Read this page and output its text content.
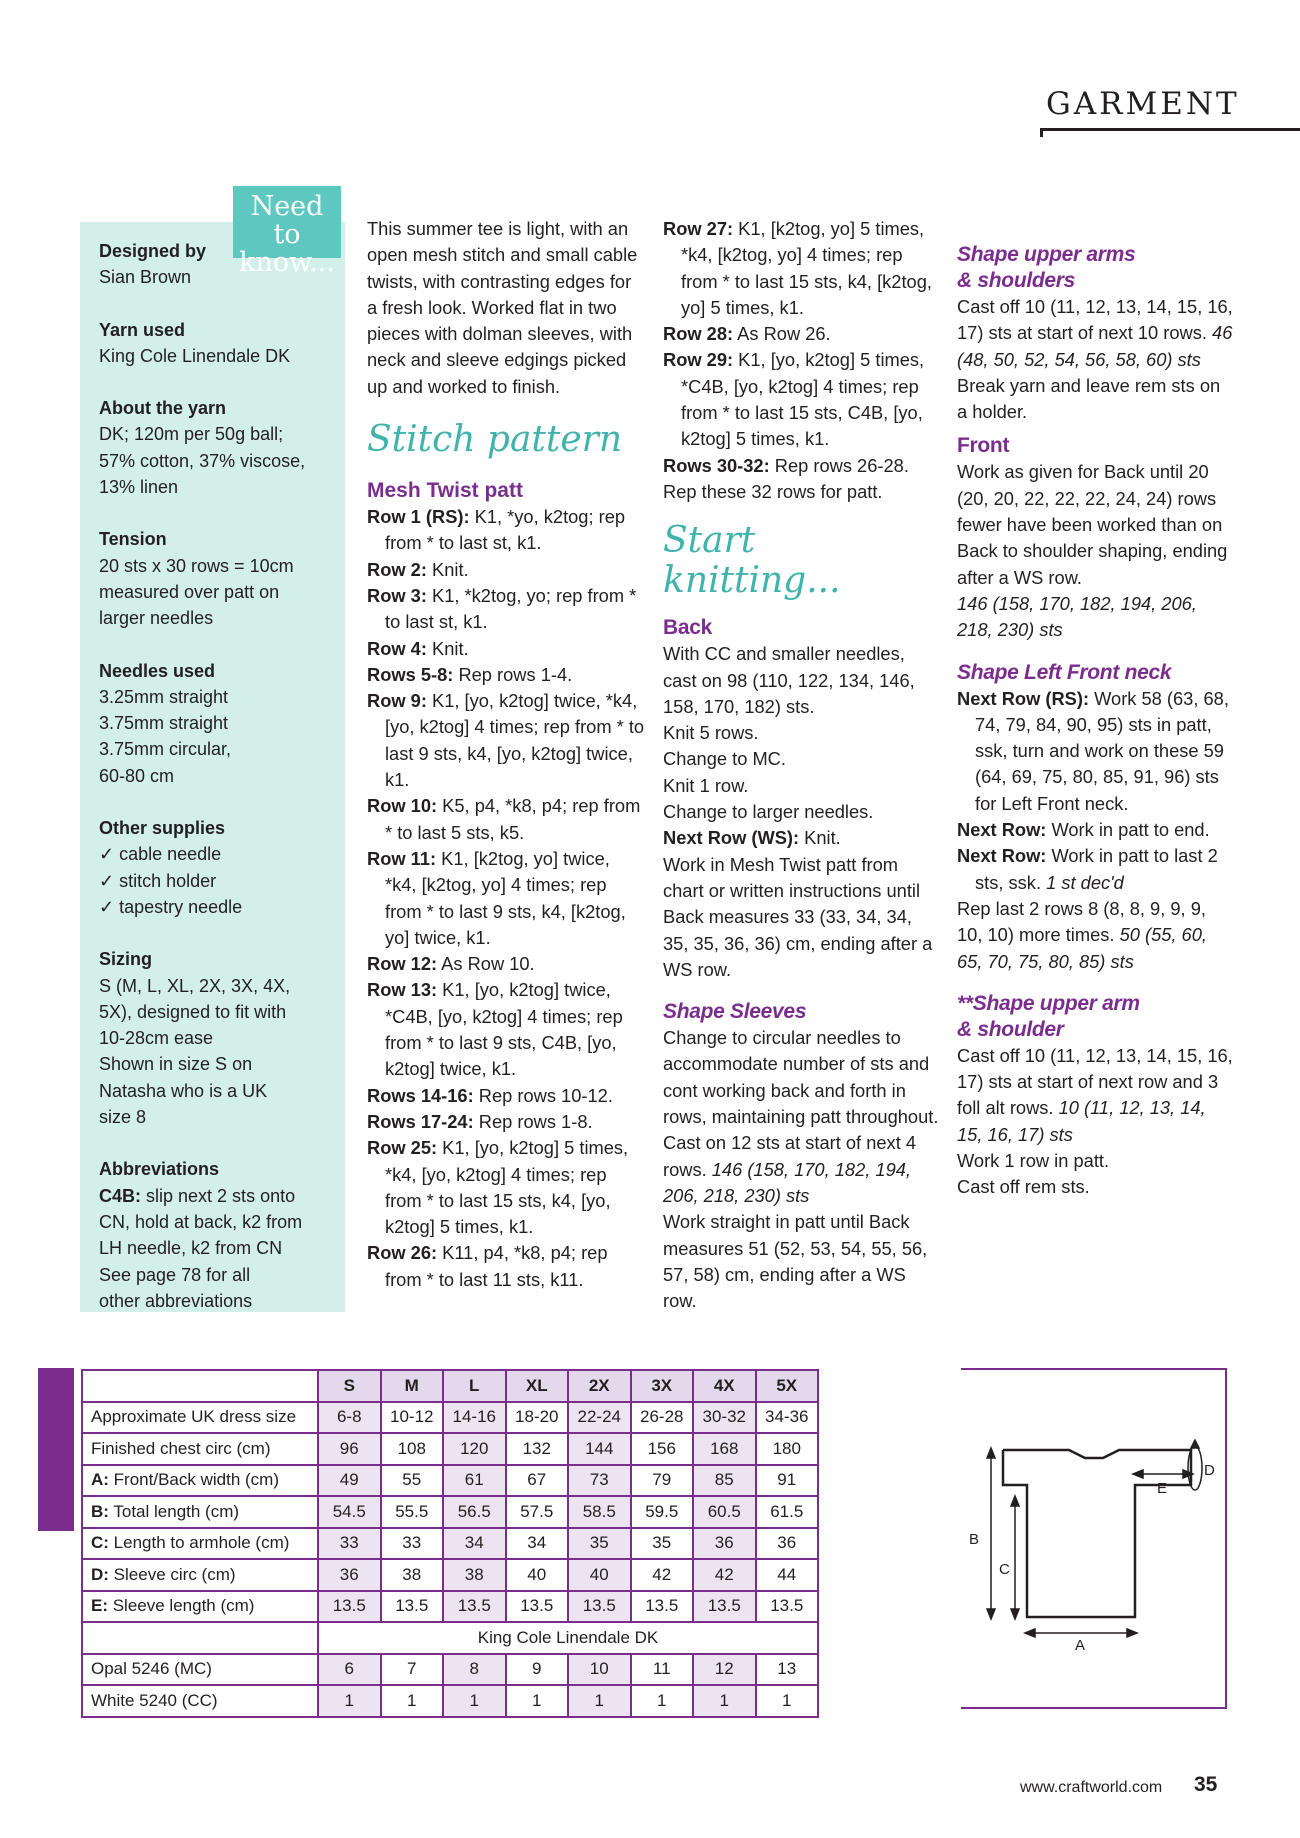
GARMENT
Need to
know...
Designed by
Sian Brown
Yarn used
King Cole Linendale DK
About the yarn
DK; 120m per 50g ball;
57% cotton, 37% viscose,
13% linen
Tension
20 sts x 30 rows = 10cm
measured over patt on
larger needles
Needles used
3.25mm straight
3.75mm straight
3.75mm circular,
60-80 cm
Other supplies
✓ cable needle
✓ stitch holder
✓ tapestry needle
Sizing
S (M, L, XL, 2X, 3X, 4X,
5X), designed to fit with
10-28cm ease
Shown in size S on
Natasha who is a UK
size 8
Abbreviations
C4B: slip next 2 sts onto
CN, hold at back, k2 from
LH needle, k2 from CN
See page 78 for all
other abbreviations
This summer tee is light, with an open mesh stitch and small cable twists, with contrasting edges for a fresh look. Worked flat in two pieces with dolman sleeves, with neck and sleeve edgings picked up and worked to finish.
Stitch pattern
Mesh Twist patt
Row 1 (RS): K1, *yo, k2tog; rep from * to last st, k1.
Row 2: Knit.
Row 3: K1, *k2tog, yo; rep from * to last st, k1.
Row 4: Knit.
Rows 5-8: Rep rows 1-4.
Row 9: K1, [yo, k2tog] twice, *k4, [yo, k2tog] 4 times; rep from * to last 9 sts, k4, [yo, k2tog] twice, k1.
Row 10: K5, p4, *k8, p4; rep from * to last 5 sts, k5.
Row 11: K1, [k2tog, yo] twice, *k4, [k2tog, yo] 4 times; rep from * to last 9 sts, k4, [k2tog, yo] twice, k1.
Row 12: As Row 10.
Row 13: K1, [yo, k2tog] twice, *C4B, [yo, k2tog] 4 times; rep from * to last 9 sts, C4B, [yo, k2tog] twice, k1.
Rows 14-16: Rep rows 10-12.
Rows 17-24: Rep rows 1-8.
Row 25: K1, [yo, k2tog] 5 times, *k4, [yo, k2tog] 4 times; rep from * to last 15 sts, k4, [yo, k2tog] 5 times, k1.
Row 26: K11, p4, *k8, p4; rep from * to last 11 sts, k11.
Row 27: K1, [k2tog, yo] 5 times, *k4, [k2tog, yo] 4 times; rep from * to last 15 sts, k4, [k2tog, yo] 5 times, k1.
Row 28: As Row 26.
Row 29: K1, [yo, k2tog] 5 times, *C4B, [yo, k2tog] 4 times; rep from * to last 15 sts, C4B, [yo, k2tog] 5 times, k1.
Rows 30-32: Rep rows 26-28.
Rep these 32 rows for patt.
Start knitting...
Back
With CC and smaller needles, cast on 98 (110, 122, 134, 146, 158, 170, 182) sts.
Knit 5 rows.
Change to MC.
Knit 1 row.
Change to larger needles.
Next Row (WS): Knit.
Work in Mesh Twist patt from chart or written instructions until Back measures 33 (33, 34, 34, 35, 35, 36, 36) cm, ending after a WS row.
Shape Sleeves
Change to circular needles to accommodate number of sts and cont working back and forth in rows, maintaining patt throughout.
Cast on 12 sts at start of next 4 rows. 146 (158, 170, 182, 194, 206, 218, 230) sts
Work straight in patt until Back measures 51 (52, 53, 54, 55, 56, 57, 58) cm, ending after a WS row.
Shape upper arms
& shoulders
Cast off 10 (11, 12, 13, 14, 15, 16, 17) sts at start of next 10 rows. 46 (48, 50, 52, 54, 56, 58, 60) sts
Break yarn and leave rem sts on a holder.
Front
Work as given for Back until 20 (20, 20, 22, 22, 22, 24, 24) rows fewer have been worked than on Back to shoulder shaping, ending after a WS row.
146 (158, 170, 182, 194, 206, 218, 230) sts
Shape Left Front neck
Next Row (RS): Work 58 (63, 68, 74, 79, 84, 90, 95) sts in patt, ssk, turn and work on these 59 (64, 69, 75, 80, 85, 91, 96) sts for Left Front neck.
Next Row: Work in patt to end.
Next Row: Work in patt to last 2 sts, ssk. 1 st dec'd
Rep last 2 rows 8 (8, 8, 9, 9, 9, 10, 10) more times. 50 (55, 60, 65, 70, 75, 80, 85) sts
**Shape upper arm
& shoulder
Cast off 10 (11, 12, 13, 14, 15, 16, 17) sts at start of next row and 3 foll alt rows. 10 (11, 12, 13, 14, 15, 16, 17) sts
Work 1 row in patt.
Cast off rem sts.
Find your size
		S	M	L	XL	2X	3X	4X	5X
Approximate UK dress size	6-8	10-12	14-16	18-20	22-24	26-28	30-32	34-36
Finished chest circ (cm)	96	108	120	132	144	156	168	180
A: Front/Back width (cm)	49	55	61	67	73	79	85	91
B: Total length (cm)	54.5	55.5	56.5	57.5	58.5	59.5	60.5	61.5
C: Length to armhole (cm)	33	33	34	34	35	35	36	36
D: Sleeve circ (cm)	36	38	38	40	40	42	42	44
E: Sleeve length (cm)	13.5	13.5	13.5	13.5	13.5	13.5	13.5	13.5
	King Cole Linendale DK							
Opal 5246 (MC)	6	7	8	9	10	11	12	13
White 5240 (CC)	1	1	1	1	1	1	1	1
B
C
A
D
E
www.craftworld.com 35
